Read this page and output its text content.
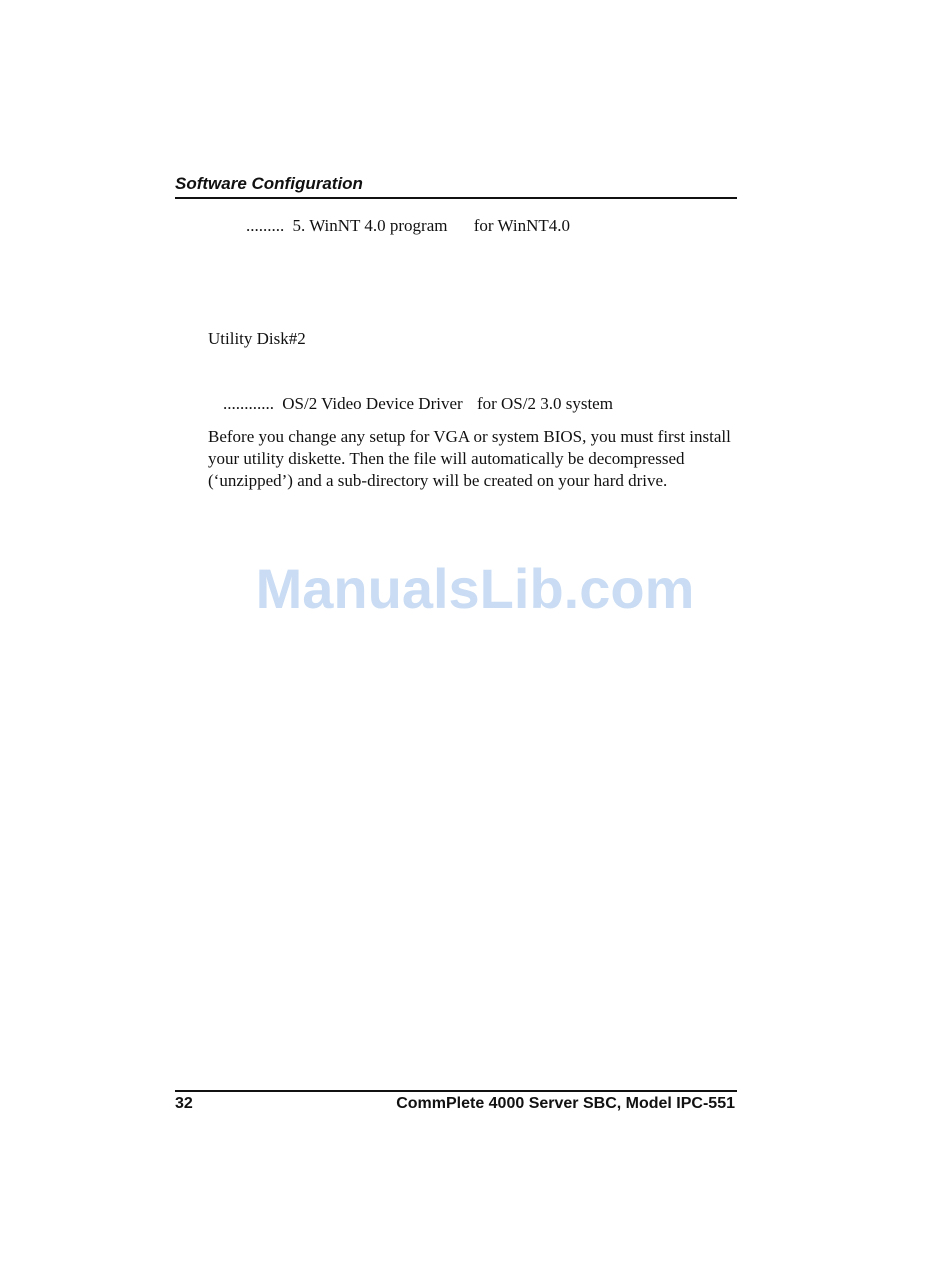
Software Configuration
......... 5. WinNT 4.0 program for WinNT4.0
Utility Disk#2
............ OS/2 Video Device Driver for OS/2 3.0 system
Before you change any setup for VGA or system BIOS, you must first install your utility diskette. Then the file will automatically be decompressed (‘unzipped’) and a sub-directory will be created on your hard drive.
ManualsLib.com
32	CommPlete 4000 Server SBC, Model IPC-551
